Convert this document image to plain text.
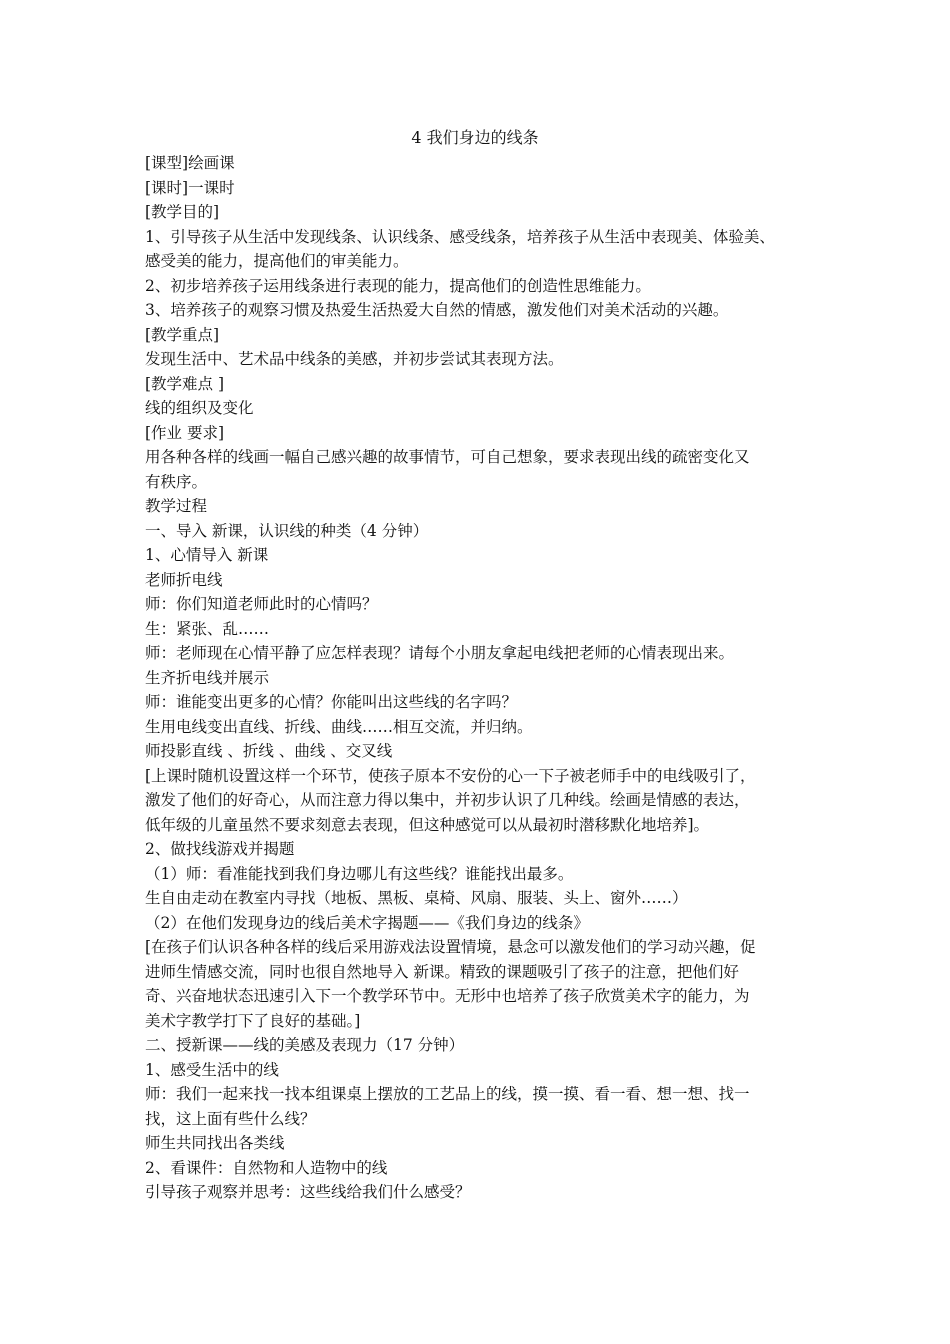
4 我们身边的线条

[课型]绘画课

[课时]一课时

[教学目的]

1、引导孩子从生活中发现线条、认识线条、感受线条，培养孩子从生活中表现美、体验美、

感受美的能力，提高他们的审美能力。

2、初步培养孩子运用线条进行表现的能力，提高他们的创造性思维能力。

3、培养孩子的观察习惯及热爱生活热爱大自然的情感，激发他们对美术活动的兴趣。

[教学重点]

发现生活中、艺术品中线条的美感，并初步尝试其表现方法。

[教学难点 ]

线的组织及变化

[作业 要求]

用各种各样的线画一幅自己感兴趣的故事情节，可自己想象，要求表现出线的疏密变化又

有秩序。

教学过程

一、导入 新课，认识线的种类（4 分钟）

1、心情导入 新课

老师折电线

师：你们知道老师此时的心情吗？

生：紧张、乱……

师：老师现在心情平静了应怎样表现？请每个小朋友拿起电线把老师的心情表现出来。

生齐折电线并展示

师：谁能变出更多的心情？你能叫出这些线的名字吗？

生用电线变出直线、折线、曲线……相互交流，并归纳。

师投影直线 、折线 、曲线 、交叉线

[上课时随机设置这样一个环节，使孩子原本不安份的心一下子被老师手中的电线吸引了，

激发了他们的好奇心，从而注意力得以集中，并初步认识了几种线。绘画是情感的表达，

低年级的儿童虽然不要求刻意去表现，但这种感觉可以从最初时潜移默化地培养]。

2、做找线游戏并揭题

（1）师：看准能找到我们身边哪儿有这些线？谁能找出最多。

生自由走动在教室内寻找（地板、黑板、桌椅、风扇、服装、头上、窗外……）

（2）在他们发现身边的线后美术字揭题——《我们身边的线条》

[在孩子们认识各种各样的线后采用游戏法设置情境，悬念可以激发他们的学习动兴趣，促

进师生情感交流，同时也很自然地导入 新课。精致的课题吸引了孩子的注意，把他们好

奇、兴奋地状态迅速引入下一个教学环节中。无形中也培养了孩子欣赏美术字的能力，为

美术字教学打下了良好的基础。]

二、授新课——线的美感及表现力（17 分钟）

1、感受生活中的线

师：我们一起来找一找本组课桌上摆放的工艺品上的线，摸一摸、看一看、想一想、找一

找，这上面有些什么线？

师生共同找出各类线

2、看课件：自然物和人造物中的线

引导孩子观察并思考：这些线给我们什么感受？
